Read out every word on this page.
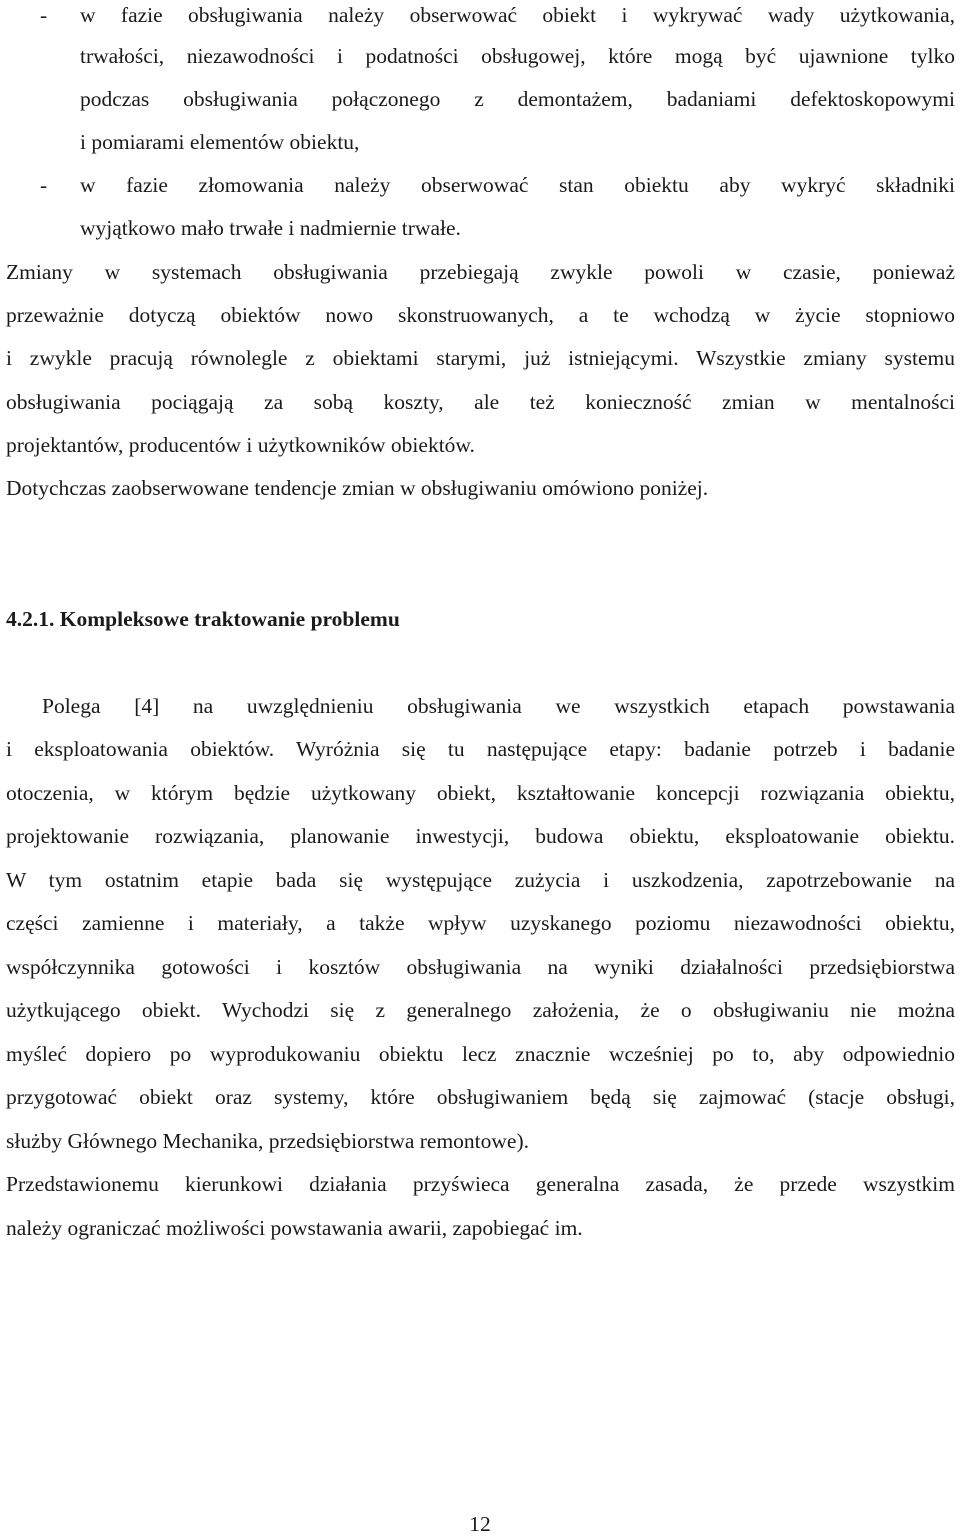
-	w fazie obsługiwania należy obserwować obiekt i wykrywać wady użytkowania,
trwałości, niezawodności i podatności obsługowej, które mogą być ujawnione tylko
podczas obsługiwania połączonego z demontażem, badaniami defektoskopowymi
i pomiarami elementów obiektu,
-	w fazie złomowania należy obserwować stan obiektu aby wykryć składniki
wyjątkowo mało trwałe i nadmiernie trwałe.
Zmiany w systemach obsługiwania przebiegają zwykle powoli w czasie, ponieważ
przeważnie dotyczą obiektów nowo skonstruowanych, a te wchodzą w życie stopniowo
i zwykle pracują równolegle z obiektami starymi, już istniejącymi. Wszystkie zmiany systemu
obsługiwania pociągają za sobą koszty, ale też konieczność zmian w mentalności
projektantów, producentów i użytkowników obiektów.
Dotychczas zaobserwowane tendencje zmian w obsługiwaniu omówiono poniżej.
4.2.1. Kompleksowe traktowanie problemu
Polega [4] na uwzględnieniu obsługiwania we wszystkich etapach powstawania
i eksploatowania obiektów. Wyróżnia się tu następujące etapy: badanie potrzeb i badanie
otoczenia, w którym będzie użytkowany obiekt, kształtowanie koncepcji rozwiązania obiektu,
projektowanie rozwiązania, planowanie inwestycji, budowa obiektu, eksploatowanie obiektu.
W tym ostatnim etapie bada się występujące zużycia i uszkodzenia, zapotrzebowanie na
części zamienne i materiały, a także wpływ uzyskanego poziomu niezawodności obiektu,
współczynnika gotowości i kosztów obsługiwania na wyniki działalności przedsiębiorstwa
użytkującego obiekt. Wychodzi się z generalnego założenia, że o obsługiwaniu nie można
myśleć dopiero po wyprodukowaniu obiektu lecz znacznie wcześniej po to, aby odpowiednio
przygotować obiekt oraz systemy, które obsługiwaniem będą się zajmować (stacje obsługi,
służby Głównego Mechanika, przedsiębiorstwa remontowe).
Przedstawionemu kierunkowi działania przyświeca generalna zasada, że przede wszystkim
należy ograniczać możliwości powstawania awarii, zapobiegać im.
12
